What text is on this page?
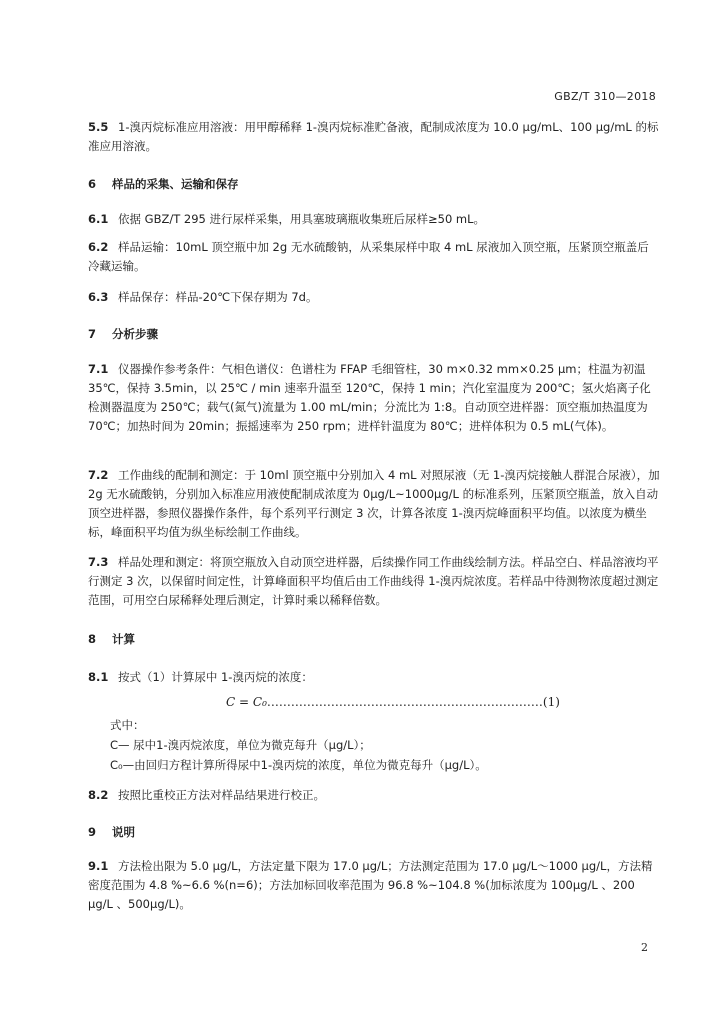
GBZ/T 310—2018
5.5 1-溴丙烷标准应用溶液：用甲醇稀释 1-溴丙烷标准贮备液，配制成浓度为 10.0 μg/mL、100 μg/mL 的标准应用溶液。
6 样品的采集、运输和保存
6.1 依据 GBZ/T 295 进行尿样采集，用具塞玻璃瓶收集班后尿样≥50 mL。
6.2 样品运输：10mL 顶空瓶中加 2g 无水硫酸钠，从采集尿样中取 4 mL 尿液加入顶空瓶，压紧顶空瓶盖后冷藏运输。
6.3 样品保存：样品-20℃下保存期为 7d。
7 分析步骤
7.1 仪器操作参考条件：气相色谱仪：色谱柱为 FFAP 毛细管柱，30 m×0.32 mm×0.25 μm；柱温为初温 35℃，保持 3.5min，以 25℃ / min 速率升温至 120℃，保持 1 min；汽化室温度为 200℃；氢火焰离子化检测器温度为 250℃；载气(氮气)流量为 1.00 mL/min；分流比为 1:8。自动顶空进样器：顶空瓶加热温度为 70℃；加热时间为 20min；振摇速率为 250 rpm；进样针温度为 80℃；进样体积为 0.5 mL(气体)。
7.2 工作曲线的配制和测定：于 10ml 顶空瓶中分别加入 4 mL 对照尿液（无 1-溴丙烷接触人群混合尿液），加 2g 无水硫酸钠，分别加入标准应用液使配制成浓度为 0μg/L~1000μg/L 的标准系列，压紧顶空瓶盖，放入自动顶空进样器，参照仪器操作条件，每个系列平行测定 3 次，计算各浓度 1-溴丙烷峰面积平均值。以浓度为横坐标，峰面积平均值为纵坐标绘制工作曲线。
7.3 样品处理和测定：将顶空瓶放入自动顶空进样器，后续操作同工作曲线绘制方法。样品空白、样品溶液均平行测定 3 次，以保留时间定性，计算峰面积平均值后由工作曲线得 1-溴丙烷浓度。若样品中待测物浓度超过测定范围，可用空白尿稀释处理后测定，计算时乘以稀释倍数。
8 计算
8.1 按式（1）计算尿中 1-溴丙烷的浓度：
C = C₀……………………………………………………………(1)
式中：
C— 尿中1-溴丙烷浓度，单位为微克每升（μg/L）；
C₀—由回归方程计算所得尿中1-溴丙烷的浓度，单位为微克每升（μg/L）。
8.2 按照比重校正方法对样品结果进行校正。
9 说明
9.1 方法检出限为 5.0 μg/L，方法定量下限为 17.0 μg/L；方法测定范围为 17.0 μg/L～1000 μg/L，方法精密度范围为 4.8 %~6.6 %(n=6)；方法加标回收率范围为 96.8 %~104.8 %(加标浓度为 100μg/L 、200 μg/L 、500μg/L)。
2
